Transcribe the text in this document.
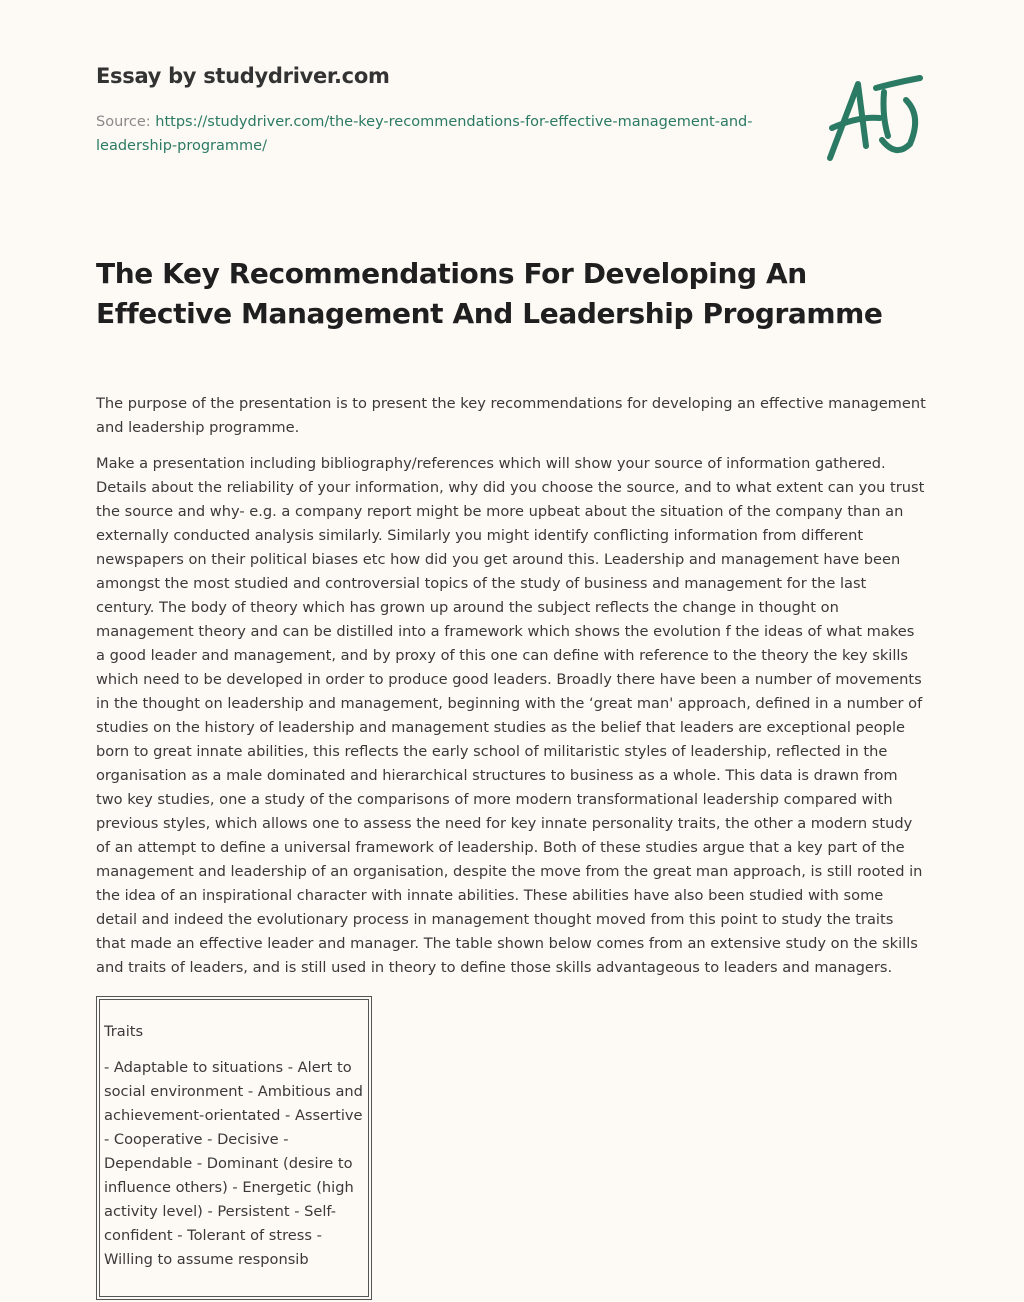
Essay by studydriver.com
Source: https://studydriver.com/the-key-recommendations-for-effective-management-and-leadership-programme/
The Key Recommendations For Developing An Effective Management And Leadership Programme

The purpose of the presentation is to present the key recommendations for developing an effective management and leadership programme.

Make a presentation including bibliography/references which will show your source of information gathered. Details about the reliability of your information, why did you choose the source, and to what extent can you trust the source and why- e.g. a company report might be more upbeat about the situation of the company than an externally conducted analysis similarly. Similarly you might identify conflicting information from different newspapers on their political biases etc how did you get around this. Leadership and management have been amongst the most studied and controversial topics of the study of business and management for the last century. The body of theory which has grown up around the subject reflects the change in thought on management theory and can be distilled into a framework which shows the evolution f the ideas of what makes a good leader and management, and by proxy of this one can define with reference to the theory the key skills which need to be developed in order to produce good leaders. Broadly there have been a number of movements in the thought on leadership and management, beginning with the ‘great man' approach, defined in a number of studies on the history of leadership and management studies as the belief that leaders are exceptional people born to great innate abilities, this reflects the early school of militaristic styles of leadership, reflected in the organisation as a male dominated and hierarchical structures to business as a whole. This data is drawn from two key studies, one a study of the comparisons of more modern transformational leadership compared with previous styles, which allows one to assess the need for key innate personality traits, the other a modern study of an attempt to define a universal framework of leadership. Both of these studies argue that a key part of the management and leadership of an organisation, despite the move from the great man approach, is still rooted in the idea of an inspirational character with innate abilities. These abilities have also been studied with some detail and indeed the evolutionary process in management thought moved from this point to study the traits that made an effective leader and manager. The table shown below comes from an extensive study on the skills and traits of leaders, and is still used in theory to define those skills advantageous to leaders and managers.

Traits

- Adaptable to situations - Alert to social environment - Ambitious and achievement-orientated - Assertive - Cooperative - Decisive - Dependable - Dominant (desire to influence others) - Energetic (high activity level) - Persistent - Self-confident - Tolerant of stress - Willing to assume responsib
